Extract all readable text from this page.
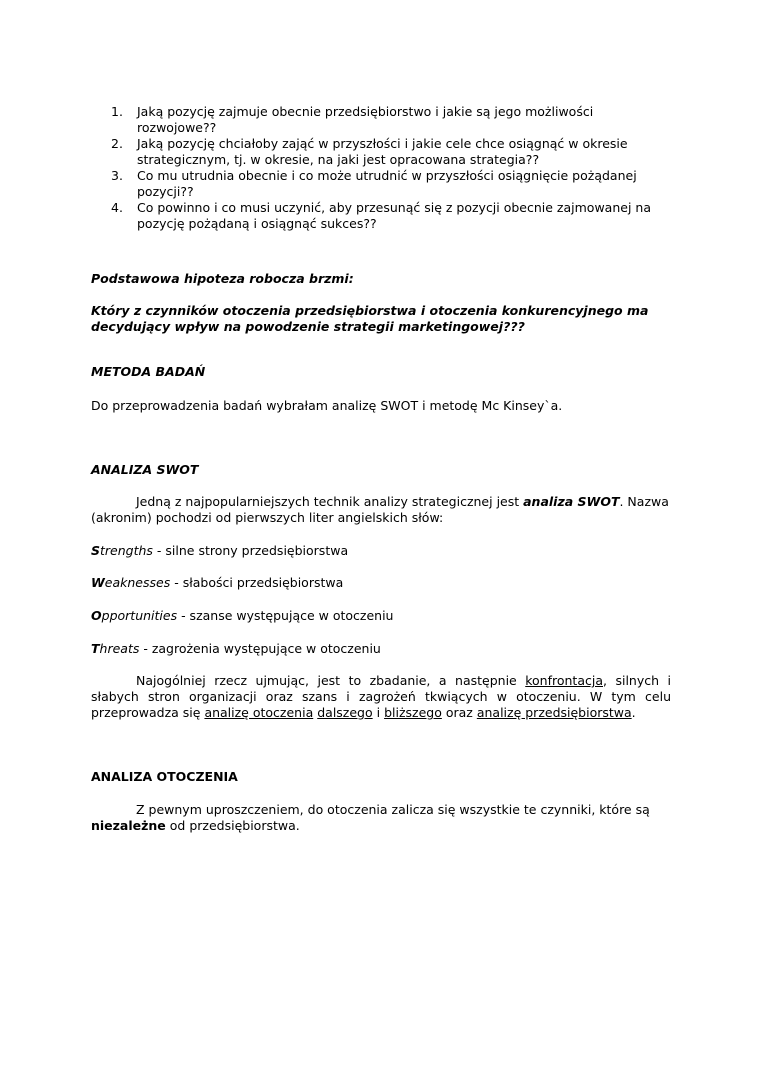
1. Jaką pozycję zajmuje obecnie przedsiębiorstwo i jakie są jego możliwości rozwojowe??
2. Jaką pozycję chciałoby zająć w przyszłości i jakie cele chce osiągnąć w okresie strategicznym, tj. w okresie, na jaki jest opracowana strategia??
3. Co mu utrudnia obecnie i co może utrudnić w przyszłości osiągnięcie pożądanej pozycji??
4. Co powinno i co musi uczynić, aby przesunąć się z pozycji obecnie zajmowanej na pozycję pożądaną i osiągnąć sukces??

Podstawowa hipoteza robocza brzmi:

Który z czynników otoczenia przedsiębiorstwa i otoczenia konkurencyjnego ma decydujący wpływ na powodzenie strategii marketingowej???

METODA BADAŃ

Do przeprowadzenia badań wybrałam analizę SWOT i metodę Mc Kinsey`a.

ANALIZA SWOT

Jedną z najpopularniejszych technik analizy strategicznej jest analiza SWOT. Nazwa (akronim) pochodzi od pierwszych liter angielskich słów:

Strengths - silne strony przedsiębiorstwa

Weaknesses - słabości przedsiębiorstwa

Opportunities - szanse występujące w otoczeniu

Threats - zagrożenia występujące w otoczeniu

Najogólniej rzecz ujmując, jest to zbadanie, a następnie konfrontacja, silnych i
słabych stron organizacji oraz szans i zagrożeń tkwiących w otoczeniu. W tym celu
przeprowadza się analizę otoczenia dalszego i bliższego oraz analizę przedsiębiorstwa.

ANALIZA OTOCZENIA

Z pewnym uproszczeniem, do otoczenia zalicza się wszystkie te czynniki, które są
niezależne od przedsiębiorstwa.
